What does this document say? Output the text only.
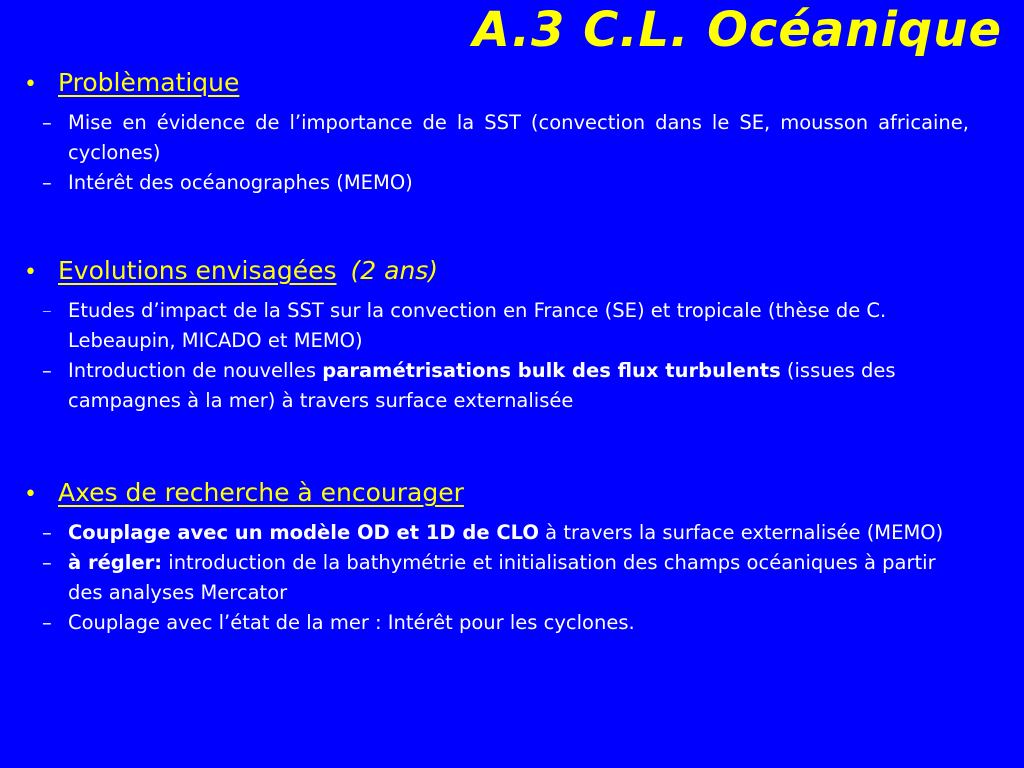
A.3 C.L. Océanique
• Problèmatique
– Mise en évidence de l’importance de la SST (convection dans le SE, mousson africaine, cyclones)
– Intérêt des océanographes (MEMO)
• Evolutions envisagées (2 ans)
– Etudes d’impact de la SST sur la convection en France (SE) et tropicale (thèse de C. Lebeaupin, MICADO et MEMO)
– Introduction de nouvelles paramétrisations bulk des flux turbulents (issues des campagnes à la mer) à travers surface externalisée
• Axes de recherche à encourager
– Couplage avec un modèle OD et 1D de CLO à travers la surface externalisée (MEMO)
– à régler: introduction de la bathymétrie et initialisation des champs océaniques à partir des analyses Mercator
– Couplage avec l’état de la mer : Intérêt pour les cyclones.
